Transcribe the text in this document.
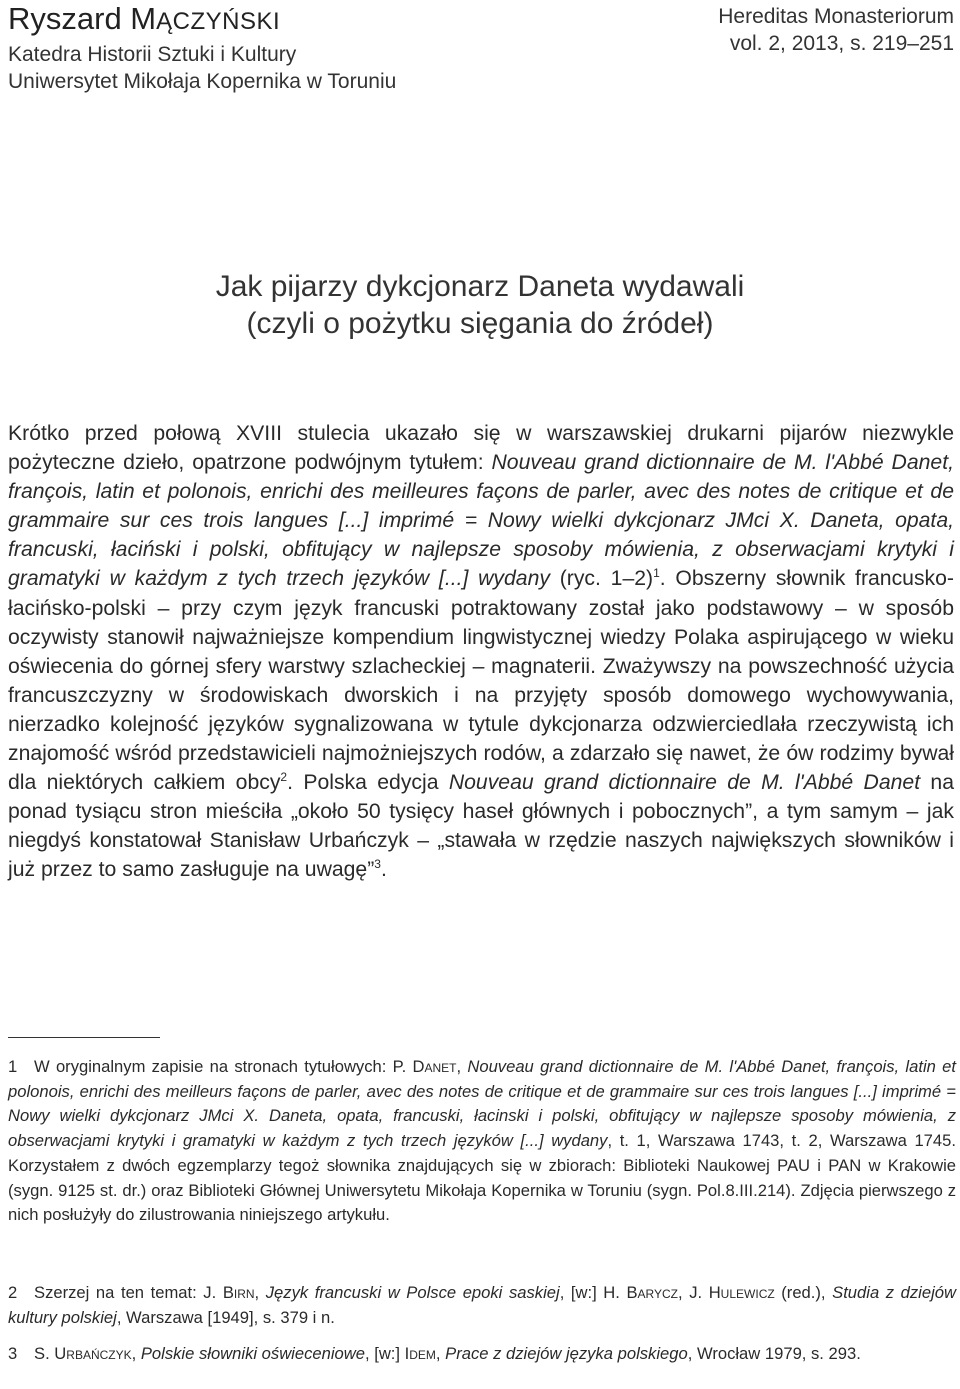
Ryszard MĄCZYŃSKI
Katedra Historii Sztuki i Kultury
Uniwersytet Mikołaja Kopernika w Toruniu
Hereditas Monasteriorum
vol. 2, 2013, s. 219–251
Jak pijarzy dykcjonarz Daneta wydawali
(czyli o pożytku sięgania do źródeł)

Krótko przed połową XVIII stulecia ukazało się w warszawskiej drukarni pijarów niezwykle pożyteczne dzieło, opatrzone podwójnym tytułem: Nouveau grand dictionnaire de M. l'Abbé Danet, françois, latin et polonois, enrichi des meilleures façons de parler, avec des notes de critique et de grammaire sur ces trois langues [...] imprimé = Nowy wielki dykcjonarz JMci X. Daneta, opata, francuski, łaciński i polski, obfitujący w najlepsze sposoby mówienia, z obserwacjami krytyki i gramatyki w każdym z tych trzech języków [...] wydany (ryc. 1–2)$^1$. Obszerny słownik francusko-łacińsko-polski – przy czym język francuski potraktowany został jako podstawowy – w sposób oczywisty stanowił najważniejsze kompendium lingwistycznej wiedzy Polaka aspirującego w wieku oświecenia do górnej sfery warstwy szlacheckiej – magnaterii. Zważywszy na powszechność użycia francuszczyzny w środowiskach dworskich i na przyjęty sposób domowego wychowywania, nierzadko kolejność języków sygnalizowana w tytule dykcjonarza odzwierciedlała rzeczywistą ich znajomość wśród przedstawicieli najmożniejszych rodów, a zdarzało się nawet, że ów rodzimy bywał dla niektórych całkiem obcy$^2$. Polska edycja Nouveau grand dictionnaire de M. l'Abbé Danet na ponad tysiącu stron mieściła „około 50 tysięcy haseł głównych i pobocznych”, a tym samym – jak niegdyś konstatował Stanisław Urbańczyk – „stawała w rzędzie naszych największych słowników i już przez to samo zasługuje na uwagę”$^3$.

1 W oryginalnym zapisie na stronach tytułowych: P. Danet, Nouveau grand dictionnaire de M. l'Abbé Danet, françois, latin et polonois, enrichi des meilleurs façons de parler, avec des notes de critique et de grammaire sur ces trois langues [...] imprimé = Nowy wielki dykcjonarz JMci X. Daneta, opata, francuski, łacinski i polski, obfitujący w najlepsze sposoby mówienia, z obserwacjami krytyki i gramatyki w każdym z tych trzech języków [...] wydany, t. 1, Warszawa 1743, t. 2, Warszawa 1745. Korzystałem z dwóch egzemplarzy tegoż słownika znajdujących się w zbiorach: Biblioteki Naukowej PAU i PAN w Krakowie (sygn. 9125 st. dr.) oraz Biblioteki Głównej Uniwersytetu Mikołaja Kopernika w Toruniu (sygn. Pol.8.III.214). Zdjęcia pierwszego z nich posłużyły do zilustrowania niniejszego artykułu.
2 Szerzej na ten temat: J. Birn, Język francuski w Polsce epoki saskiej, [w:] H. Barycz, J. Hulewicz (red.), Studia z dziejów kultury polskiej, Warszawa [1949], s. 379 i n.
3 S. Urbańczyk, Polskie słowniki oświeceniowe, [w:] Idem, Prace z dziejów języka polskiego, Wrocław 1979, s. 293.
